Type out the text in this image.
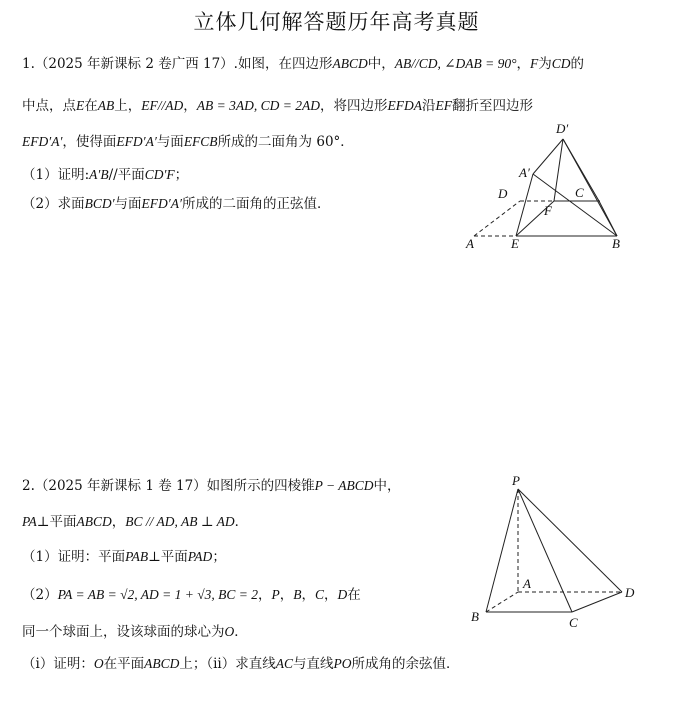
立体几何解答题历年高考真题
1.（2025 年新课标 2 卷广西 17）.如图，在四边形ABCD中，AB//CD, ∠DAB = 90°，F为CD的
中点，点E在AB上，EF//AD，AB = 3AD, CD = 2AD，将四边形EFDA沿EF翻折至四边形
EFD′A′，使得面EFD′A′与面EFCB所成的二面角为 60°．
（1）证明:A′B//平面CD′F；
（2）求面BCD′与面EFD′A′所成的二面角的正弦值．
D′
A′
C
D
F
A	E	B
2.（2025 年新课标 1 卷 17）如图所示的四棱锥P − ABCD中，
PA⊥平面ABCD，BC // AD, AB ⊥ AD．
（1）证明：平面PAB⊥平面PAD；
（2）PA = AB = √2, AD = 1 + √3, BC = 2，P，B，C，D在
同一个球面上，设该球面的球心为O．
（i）证明：O在平面ABCD上；（ii）求直线AC与直线PO所成角的余弦值．
P
A
B	C
D
